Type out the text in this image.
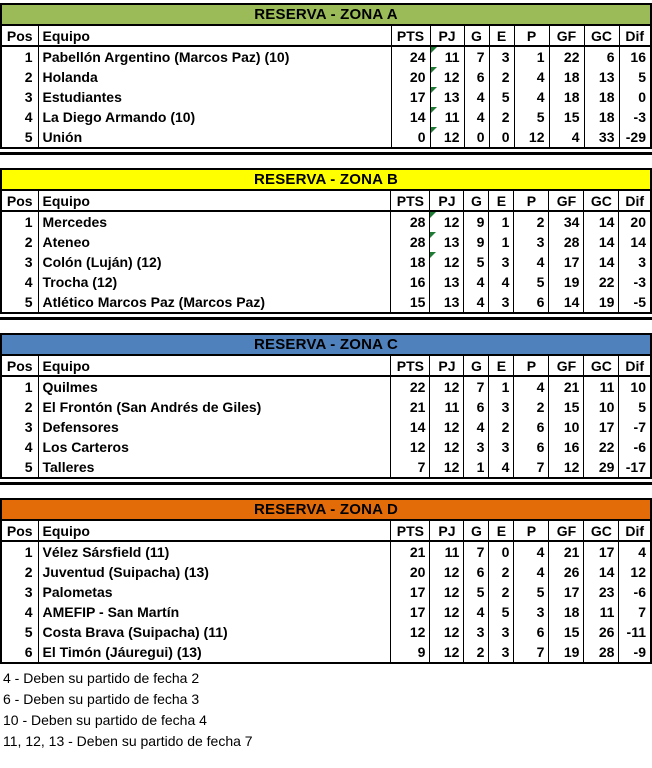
RESERVA - ZONA A									
Pos	Equipo	PTS	PJ	G	E	P	GF	GC	Dif
1	Pabellón Argentino (Marcos Paz) (10)	24	11	7	3	1	22	6	16
2	Holanda	20	12	6	2	4	18	13	5
3	Estudiantes	17	13	4	5	4	18	18	0
4	La Diego Armando (10)	14	11	4	2	5	15	18	-3
5	Unión	0	12	0	0	12	4	33	-29
RESERVA - ZONA B									
Pos	Equipo	PTS	PJ	G	E	P	GF	GC	Dif
1	Mercedes	28	12	9	1	2	34	14	20
2	Ateneo	28	13	9	1	3	28	14	14
3	Colón (Luján) (12)	18	12	5	3	4	17	14	3
4	Trocha (12)	16	13	4	4	5	19	22	-3
5	Atlético Marcos Paz (Marcos Paz)	15	13	4	3	6	14	19	-5
RESERVA - ZONA C									
Pos	Equipo	PTS	PJ	G	E	P	GF	GC	Dif
1	Quilmes	22	12	7	1	4	21	11	10
2	El Frontón (San Andrés de Giles)	21	11	6	3	2	15	10	5
3	Defensores	14	12	4	2	6	10	17	-7
4	Los Carteros	12	12	3	3	6	16	22	-6
5	Talleres	7	12	1	4	7	12	29	-17
RESERVA - ZONA D									
Pos	Equipo	PTS	PJ	G	E	P	GF	GC	Dif
1	Vélez Sársfield (11)	21	11	7	0	4	21	17	4
2	Juventud (Suipacha) (13)	20	12	6	2	4	26	14	12
3	Palometas	17	12	5	2	5	17	23	-6
4	AMEFIP - San Martín	17	12	4	5	3	18	11	7
5	Costa Brava (Suipacha) (11)	12	12	3	3	6	15	26	-11
6	El Timón (Jáuregui) (13)	9	12	2	3	7	19	28	-9
4 - Deben su partido de fecha 2
6 - Deben su partido de fecha 3
10 - Deben su partido de fecha 4
11, 12, 13 - Deben su partido de fecha 7
